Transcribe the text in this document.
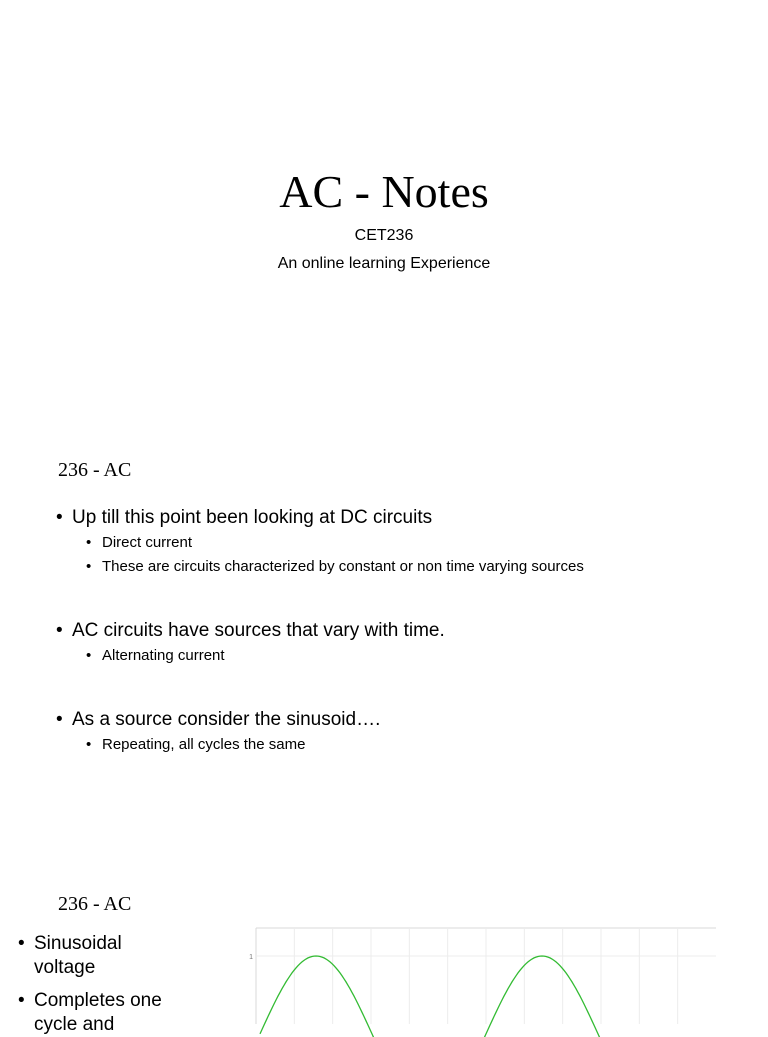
AC - Notes
CET236
An online learning Experience
236 - AC
• Up till this point been looking at DC circuits
• Direct current
• These are circuits characterized by constant or non time varying sources
• AC circuits have sources that vary with time.
• Alternating current
• As a source consider the sinusoid….
• Repeating, all cycles the same
236 - AC
• Sinusoidal voltage
• Completes one cycle and
1
